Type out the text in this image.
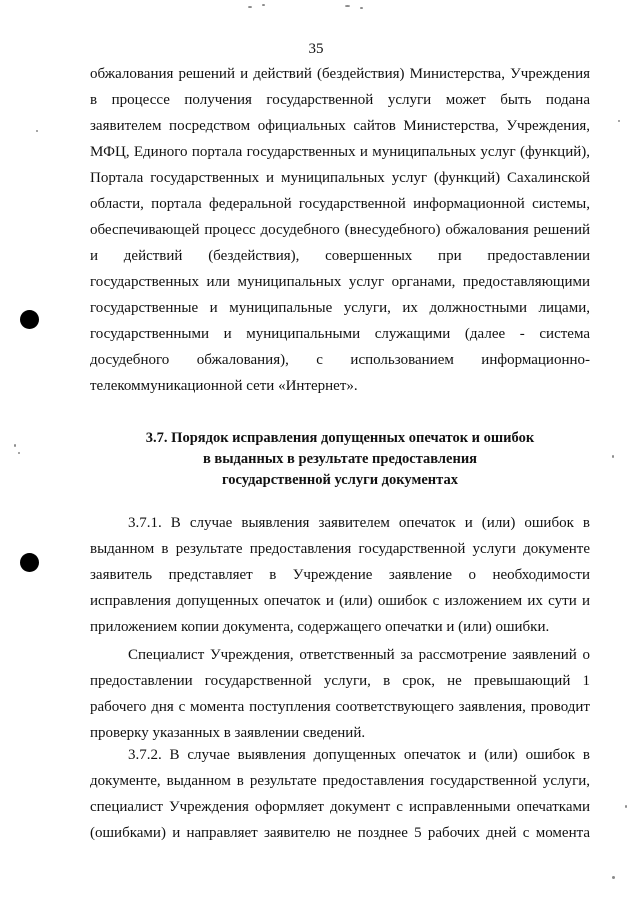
35
обжалования решений и действий (бездействия) Министерства, Учреждения
в процессе получения государственной услуги может быть подана
заявителем посредством официальных сайтов Министерства, Учреждения,
МФЦ, Единого портала государственных и муниципальных услуг (функций),
Портала государственных и муниципальных услуг (функций) Сахалинской
области, портала федеральной государственной информационной системы,
обеспечивающей процесс досудебного (внесудебного) обжалования решений
и действий (бездействия), совершенных при предоставлении
государственных или муниципальных услуг органами, предоставляющими
государственные и муниципальные услуги, их должностными лицами,
государственными и муниципальными служащими (далее - система
досудебного обжалования), с использованием информационно-
телекоммуникационной сети «Интернет».
3.7. Порядок исправления допущенных опечаток и ошибок
в выданных в результате предоставления
государственной услуги документах
3.7.1. В случае выявления заявителем опечаток и (или) ошибок в
выданном в результате предоставления государственной услуги документе
заявитель представляет в Учреждение заявление о необходимости
исправления допущенных опечаток и (или) ошибок с изложением их сути и
приложением копии документа, содержащего опечатки и (или) ошибки.
Специалист Учреждения, ответственный за рассмотрение заявлений о
предоставлении государственной услуги, в срок, не превышающий 1
рабочего дня с момента поступления соответствующего заявления, проводит
проверку указанных в заявлении сведений.
3.7.2. В случае выявления допущенных опечаток и (или) ошибок в
документе, выданном в результате предоставления государственной услуги,
специалист Учреждения оформляет документ с исправленными опечатками
(ошибками) и направляет заявителю не позднее 5 рабочих дней с момента
